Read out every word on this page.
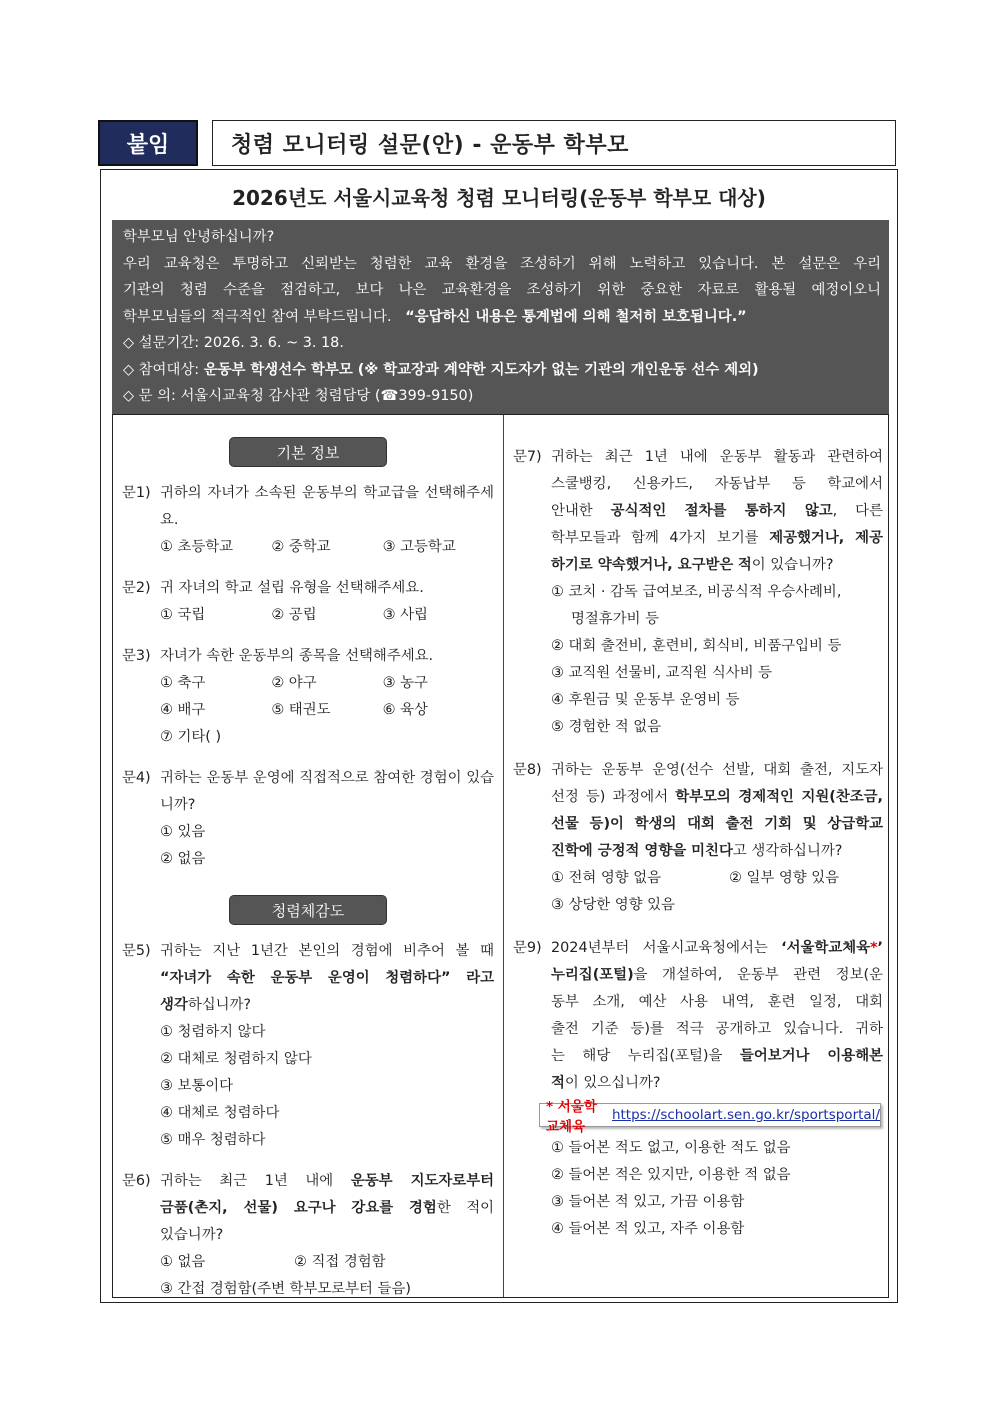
붙임	청렴 모니터링 설문(안) - 운동부 학부모
2026년도 서울시교육청 청렴 모니터링(운동부 학부모 대상)

학부모님 안녕하십니까?

우리 교육청은 투명하고 신뢰받는 청렴한 교육 환경을 조성하기 위해 노력하고 있습니다. 본 설문은 우리

기관의 청렴 수준을 점검하고, 보다 나은 교육환경을 조성하기 위한 중요한 자료로 활용될 예정이오니

학부모님들의 적극적인 참여 부탁드립니다. “응답하신 내용은 통계법에 의해 철저히 보호됩니다.”

◇ 설문기간: 2026. 3. 6. ~ 3. 18.

◇ 참여대상: 운동부 학생선수 학부모 (※ 학교장과 계약한 지도자가 없는 기관의 개인운동 선수 제외)

◇ 문 의: 서울시교육청 감사관 청렴담당 (☎399-9150)

기본 정보
문1) 귀하의 자녀가 소속된 운동부의 학교급을 선택해주세요.
① 초등학교	② 중학교	③ 고등학교
문2) 귀 자녀의 학교 설립 유형을 선택해주세요.
① 국립	② 공립	③ 사립
문3) 자녀가 속한 운동부의 종목을 선택해주세요.
① 축구	② 야구	③ 농구
④ 배구	⑤ 태권도	⑥ 육상
⑦ 기타( )
문4) 귀하는 운동부 운영에 직접적으로 참여한 경험이 있습니까?
① 있음
② 없음
청렴체감도
문5) 귀하는 지난 1년간 본인의 경험에 비추어 볼 때
“자녀가 속한 운동부 운영이 청렴하다” 라고
생각하십니까?
① 청렴하지 않다
② 대체로 청렴하지 않다
③ 보통이다
④ 대체로 청렴하다
⑤ 매우 청렴하다
문6) 귀하는 최근 1년 내에 운동부 지도자로부터
금품(촌지, 선물) 요구나 강요를 경험한 적이
있습니까?
① 없음	② 직접 경험함
③ 간접 경험함(주변 학부모로부터 들음)
문7) 귀하는 최근 1년 내에 운동부 활동과 관련하여
스쿨뱅킹, 신용카드, 자동납부 등 학교에서
안내한 공식적인 절차를 통하지 않고, 다른
학부모들과 함께 4가지 보기를 제공했거나, 제공
하기로 약속했거나, 요구받은 적이 있습니까?
① 코치 · 감독 급여보조, 비공식적 우승사례비,
명절휴가비 등
② 대회 출전비, 훈련비, 회식비, 비품구입비 등
③ 교직원 선물비, 교직원 식사비 등
④ 후원금 및 운동부 운영비 등
⑤ 경험한 적 없음
문8) 귀하는 운동부 운영(선수 선발, 대회 출전, 지도자
선정 등) 과정에서 학부모의 경제적인 지원(찬조금,
선물 등)이 학생의 대회 출전 기회 및 상급학교
진학에 긍정적 영향을 미친다고 생각하십니까?
① 전혀 영향 없음	② 일부 영향 있음
③ 상당한 영향 있음
문9) 2024년부터 서울시교육청에서는 ‘서울학교체육*’
누리집(포털)을 개설하여, 운동부 관련 정보(운
동부 소개, 예산 사용 내역, 훈련 일정, 대회
출전 기준 등)를 적극 공개하고 있습니다. 귀하
는 해당 누리집(포털)을 들어보거나 이용해본
적이 있으십니까?
* 서울학교체육
https://schoolart.sen.go.kr/sportsportal/
① 들어본 적도 없고, 이용한 적도 없음
② 들어본 적은 있지만, 이용한 적 없음
③ 들어본 적 있고, 가끔 이용함
④ 들어본 적 있고, 자주 이용함
